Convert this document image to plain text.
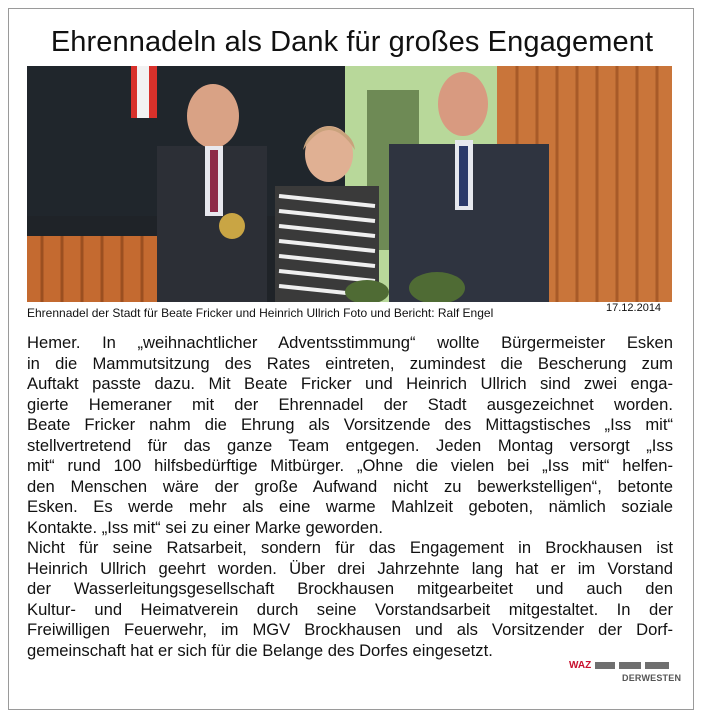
Ehrennadeln als Dank für großes Engagement
Ehrennadel der Stadt für Beate Fricker und Heinrich Ullrich Foto und Bericht: Ralf Engel	17.12.2014
Hemer. In „weihnachtlicher Adventsstimmung“ wollte Bürgermeister Esken
in die Mammutsitzung des Rates eintreten, zumindest die Bescherung zum
Auftakt passte dazu. Mit Beate Fricker und Heinrich Ullrich sind zwei enga-
gierte Hemeraner mit der Ehrennadel der Stadt ausgezeichnet worden.
Beate Fricker nahm die Ehrung als Vorsitzende des Mittagstisches „Iss mit“
stellvertretend für das ganze Team entgegen. Jeden Montag versorgt „Iss
mit“ rund 100 hilfsbedürftige Mitbürger. „Ohne die vielen bei „Iss mit“ helfen-
den Menschen wäre der große Aufwand nicht zu bewerkstelligen“, betonte
Esken. Es werde mehr als eine warme Mahlzeit geboten, nämlich soziale
Kontakte. „Iss mit“ sei zu einer Marke geworden.
Nicht für seine Ratsarbeit, sondern für das Engagement in Brockhausen ist
Heinrich Ullrich geehrt worden. Über drei Jahrzehnte lang hat er im Vorstand
der Wasserleitungsgesellschaft Brockhausen mitgearbeitet und auch den
Kultur- und Heimatverein durch seine Vorstandsarbeit mitgestaltet. In der
Freiwilligen Feuerwehr, im MGV Brockhausen und als Vorsitzender der Dorf-
gemeinschaft hat er sich für die Belange des Dorfes eingesetzt.
WAZ
DERWESTEN
